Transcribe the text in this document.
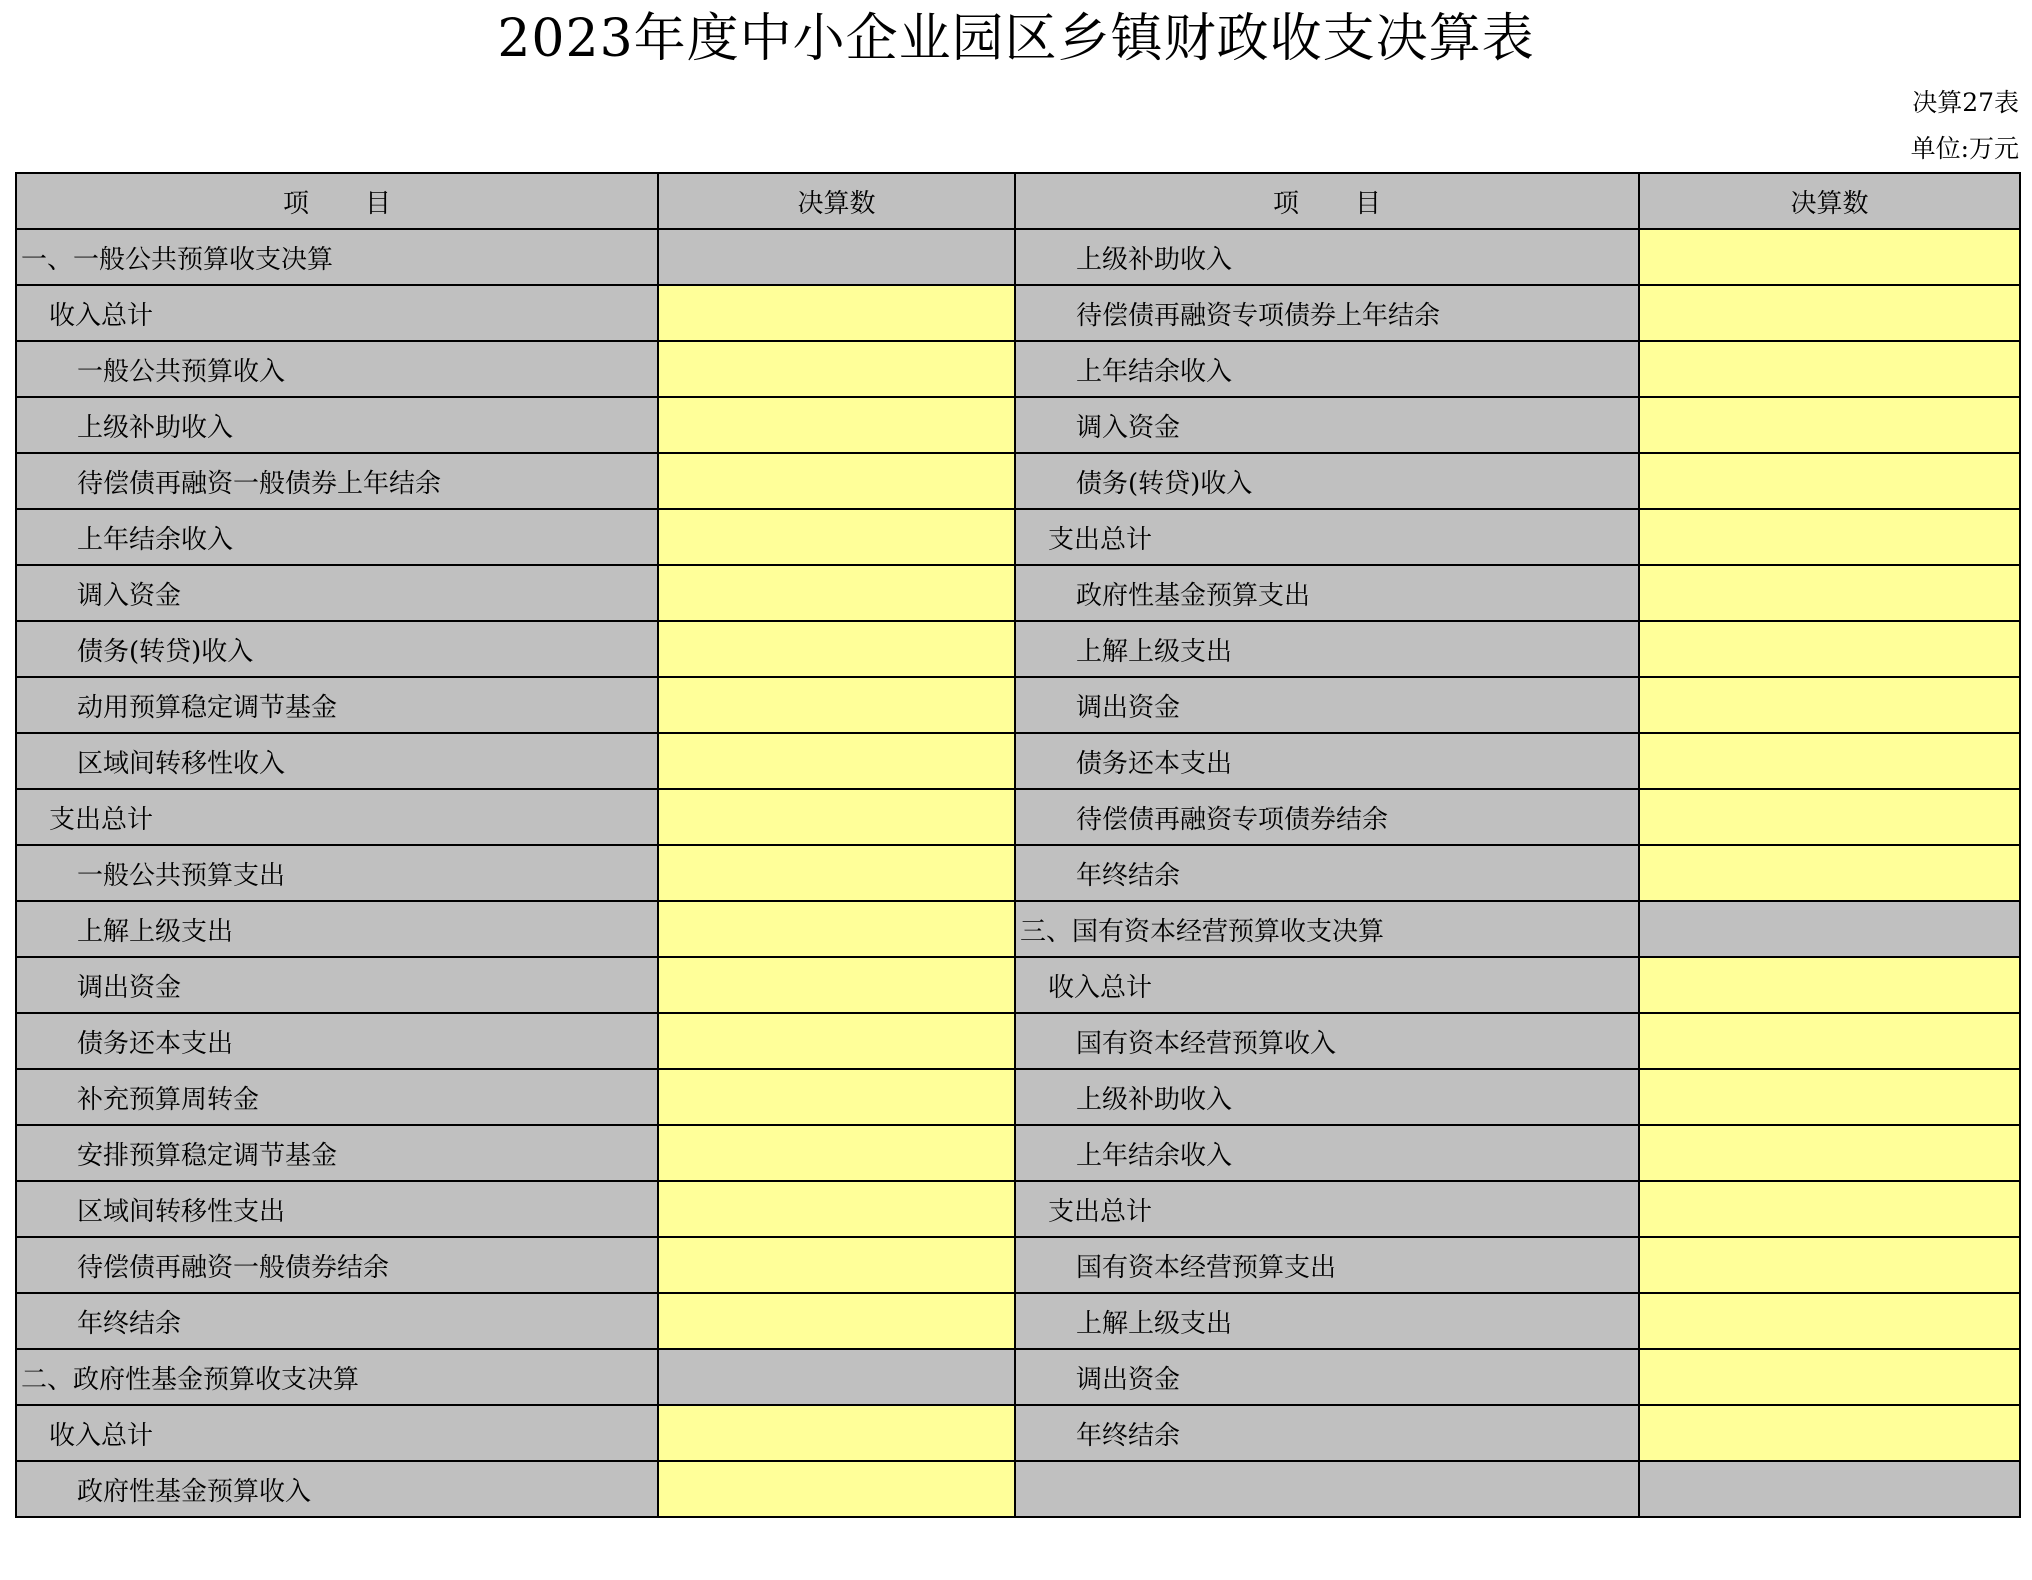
2023年度中小企业园区乡镇财政收支决算表
决算27表
单位:万元
项 目	决算数	项 目	决算数
一、一般公共预算收支决算		上级补助收入	
收入总计		待偿债再融资专项债券上年结余	
一般公共预算收入		上年结余收入	
上级补助收入		调入资金	
待偿债再融资一般债券上年结余		债务(转贷)收入	
上年结余收入		支出总计	
调入资金		政府性基金预算支出	
债务(转贷)收入		上解上级支出	
动用预算稳定调节基金		调出资金	
区域间转移性收入		债务还本支出	
支出总计		待偿债再融资专项债券结余	
一般公共预算支出		年终结余	
上解上级支出		三、国有资本经营预算收支决算	
调出资金		收入总计	
债务还本支出		国有资本经营预算收入	
补充预算周转金		上级补助收入	
安排预算稳定调节基金		上年结余收入	
区域间转移性支出		支出总计	
待偿债再融资一般债券结余		国有资本经营预算支出	
年终结余		上解上级支出	
二、政府性基金预算收支决算		调出资金	
收入总计		年终结余	
政府性基金预算收入			
